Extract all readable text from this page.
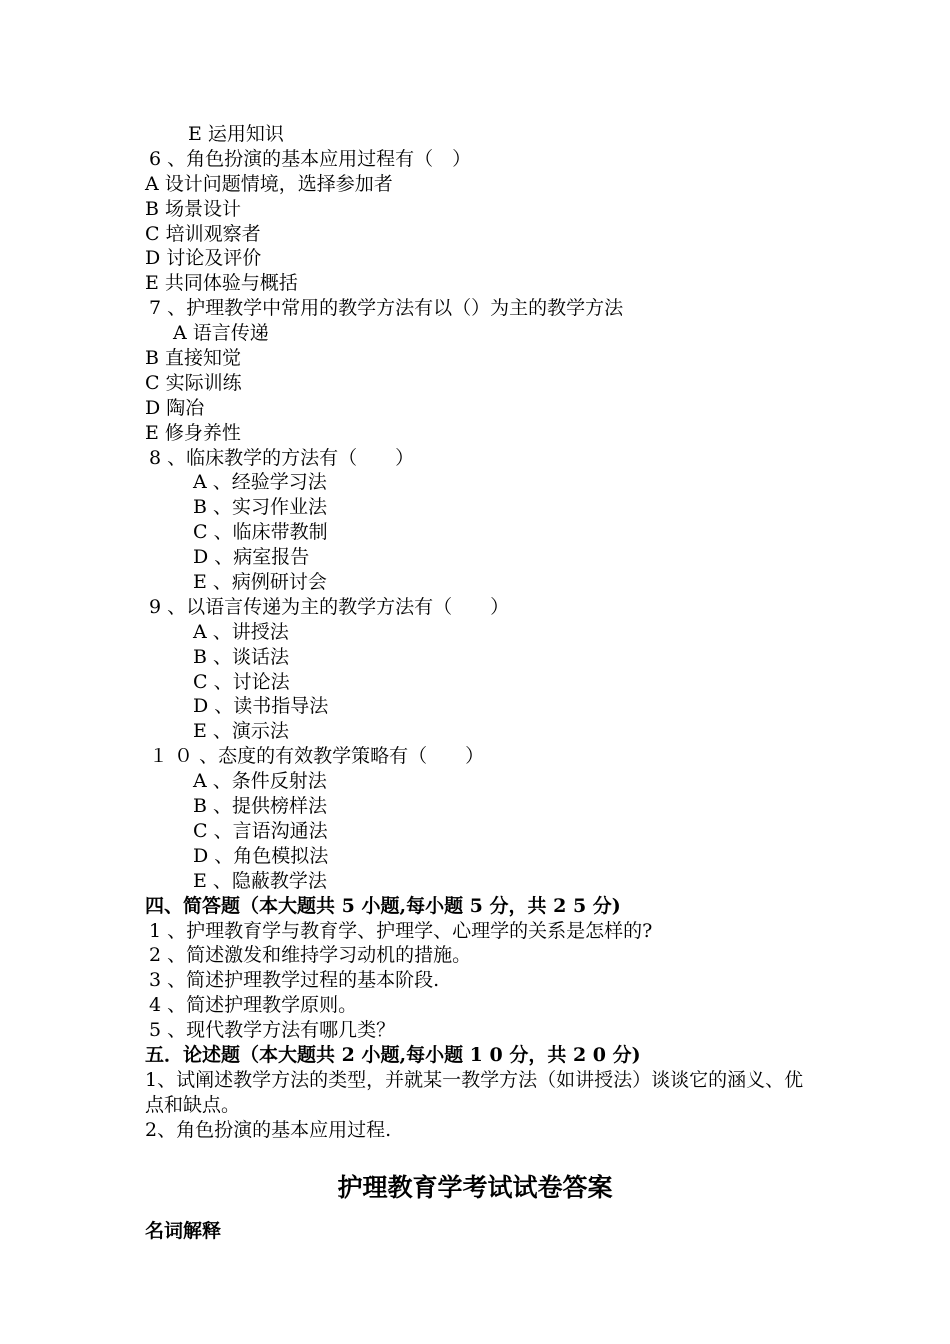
E 运用知识
6 、角色扮演的基本应用过程有（　）
A 设计问题情境，选择参加者
B 场景设计
C 培训观察者
D 讨论及评价
E 共同体验与概括
7 、护理教学中常用的教学方法有以（）为主的教学方法
A 语言传递
B 直接知觉
C 实际训练
D 陶冶
E 修身养性
8 、临床教学的方法有（　　）
A 、经验学习法
B 、实习作业法
C 、临床带教制
D 、病室报告
E 、病例研讨会
9 、以语言传递为主的教学方法有（　　）
A 、讲授法
B 、谈话法
C 、讨论法
D 、读书指导法
E 、演示法
１ ０ 、态度的有效教学策略有（　　）
A 、条件反射法
B 、提供榜样法
C 、言语沟通法
D 、角色模拟法
E 、隐蔽教学法
四、简答题（本大题共 5 小题,每小题 5 分，共 2 5 分)
1 、护理教育学与教育学、护理学、心理学的关系是怎样的?
2 、简述激发和维持学习动机的措施。
3 、简述护理教学过程的基本阶段.
4 、简述护理教学原则。
5 、现代教学方法有哪几类？
五．论述题（本大题共 2 小题,每小题 1 0 分，共 2 0 分)
1、试阐述教学方法的类型，并就某一教学方法（如讲授法）谈谈它的涵义、优点和缺点。
2、角色扮演的基本应用过程.
护理教育学考试试卷答案
名词解释
